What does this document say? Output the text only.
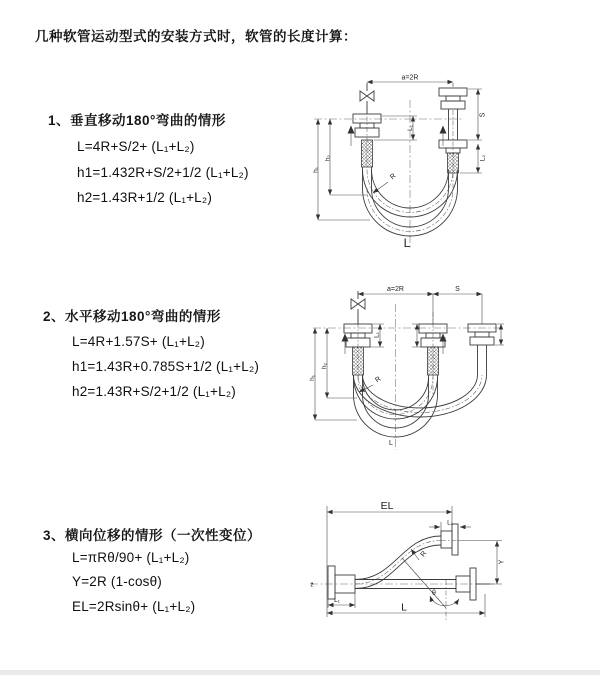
几种软管运动型式的安装方式时，软管的长度计算：
1、垂直移动180°弯曲的情形
L=4R+S/2+ (L₁+L₂)
h1=1.432R+S/2+1/2 (L₁+L₂)
h2=1.43R+1/2 (L₁+L₂)
2、水平移动180°弯曲的情形
L=4R+1.57S+ (L₁+L₂)
h1=1.43R+0.785S+1/2 (L₁+L₂)
h2=1.43R+S/2+1/2 (L₁+L₂)
3、横向位移的情形（一次性变位）
L=πRθ/90+ (L₁+L₂)
Y=2R (1-cosθ)
EL=2Rsinθ+ (L₁+L₂)
a=2R
L₁
S
L₂
h₁
h₂
R
L
a=2R	S
h₁
h₂
L₁
R
L
z̄
EL
L₁
Y
θ
R
L
L₁
